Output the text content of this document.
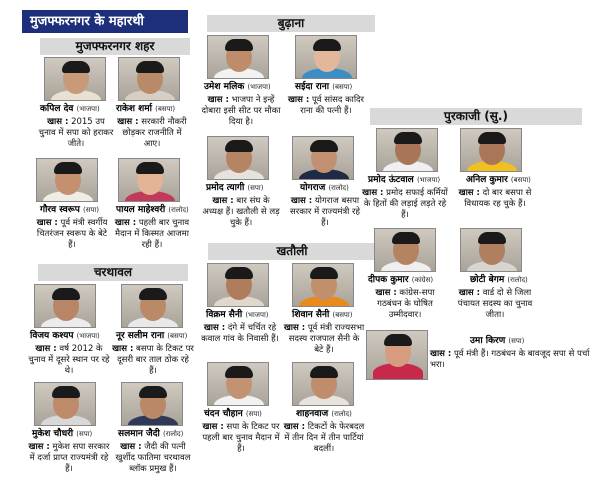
मुजफ्फरनगर के महारथी
मुजफ्फरनगर शहर
बुढ़ाना
चरथावल
खतौली
पुरकाजी (सु.)
कपिल देव (भाजपा)
खास : 2015 उप चुनाव में सपा को हराकर जीते।
राकेश शर्मा (बसपा)
खास : सरकारी नौकरी छोड़कर राजनीति में आए।
गौरव स्वरूप (सपा)
खास : पूर्व मंत्री स्वर्गीय चितरंजन स्वरूप के बेटे हैं।
पायल माहेश्वरी (रालोद)
खास : पहली बार चुनाव मैदान में किस्मत आजमा रही हैं।
उमेश मलिक (भाजपा)
खास : भाजपा ने इन्हें दोबारा इसी सीट पर मौका दिया है।
सईदा राना (बसपा)
खास : पूर्व सांसद कादिर राना की पत्नी हैं।
प्रमोद त्यागी (सपा)
खास : बार संघ के अध्यक्ष हैं। खतौली से लड़ चुके हैं।
योगराज (रालोद)
खास : योगराज बसपा सरकार में राज्यमंत्री रहे हैं।
विजय कश्यप (भाजपा)
खास : वर्ष 2012 के चुनाव में दूसरे स्थान पर रहे थे।
नूर सलीम राना (बसपा)
खास : बसपा के टिकट पर दूसरी बार ताल ठोक रहे हैं।
मुकेश चौधरी (सपा)
खास : मुकेश सपा सरकार में दर्जा प्राप्त राज्यमंत्री रहे हैं।
सलमान जैदी (रालोद)
खास : जैदी की पत्नी खुर्शीद फातिमा चरथावल ब्लॉक प्रमुख हैं।
विक्रम सैनी (भाजपा)
खास : दंगे में चर्चित रहे कवाल गांव के निवासी हैं।
शिवान सैनी (बसपा)
खास : पूर्व मंत्री राज्यसभा सदस्य राजपाल सैनी के बेटे हैं।
चंदन चौहान (सपा)
खास : सपा के टिकट पर पहली बार चुनाव मैदान में हैं।
शाहनवाज (रालोद)
खास : टिकटों के फेरबदल में तीन दिन में तीन पार्टियां बदलीं।
प्रमोद ऊंटवाल (भाजपा)
खास : प्रमोद सफाई कर्मियों के हितों की लड़ाई लड़ते रहे हैं।
अनिल कुमार (बसपा)
खास : दो बार बसपा से विधायक रह चुके हैं।
दीपक कुमार (कांग्रेस)
खास : कांग्रेस-सपा गठबंधन के घोषित उम्मीदवार।
छोटी बेगम (रालोद)
खास : वार्ड दो से जिला पंचायत सदस्य का चुनाव जीता।
उमा किरण (सपा)
खास : पूर्व मंत्री हैं। गठबंधन के बावजूद सपा से पर्चा भरा।
